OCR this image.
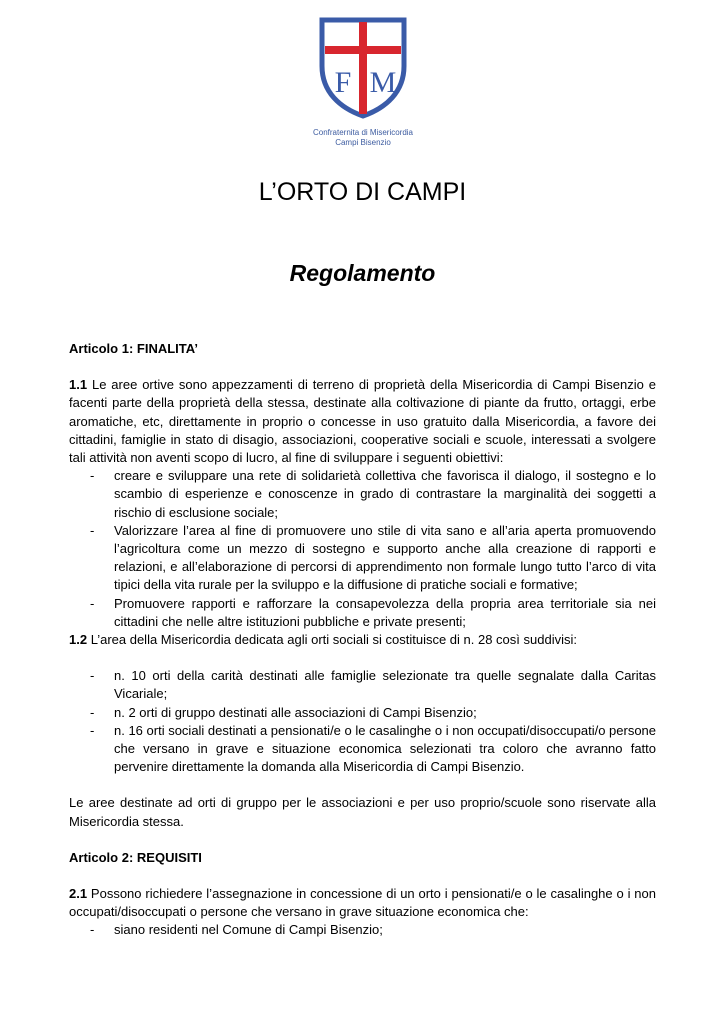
F M
Confraternita di Misericordia
Campi Bisenzio
L’ORTO DI CAMPI
Regolamento
Articolo 1: FINALITA’
1.1 Le aree ortive sono appezzamenti di terreno di proprietà della Misericordia di Campi Bisenzio e facenti parte della proprietà della stessa, destinate alla coltivazione di piante da frutto, ortaggi, erbe aromatiche, etc, direttamente in proprio o concesse in uso gratuito dalla Misericordia, a favore dei cittadini, famiglie in stato di disagio, associazioni, cooperative sociali e scuole, interessati a svolgere tali attività non aventi scopo di lucro, al fine di sviluppare i seguenti obiettivi:
- creare e sviluppare una rete di solidarietà collettiva che favorisca il dialogo, il sostegno e lo scambio di esperienze e conoscenze in grado di contrastare la marginalità dei soggetti a rischio di esclusione sociale;
- Valorizzare l’area al fine di promuovere uno stile di vita sano e all’aria aperta promuovendo l’agricoltura come un mezzo di sostegno e supporto anche alla creazione di rapporti e relazioni, e all’elaborazione di percorsi di apprendimento non formale lungo tutto l’arco di vita tipici della vita rurale per la sviluppo e la diffusione di pratiche sociali e formative;
- Promuovere rapporti e rafforzare la consapevolezza della propria area territoriale sia nei cittadini che nelle altre istituzioni pubbliche e private presenti;
1.2 L’area della Misericordia dedicata agli orti sociali si costituisce di n. 28 così suddivisi:
- n. 10 orti della carità destinati alle famiglie selezionate tra quelle segnalate dalla Caritas Vicariale;
- n. 2 orti di gruppo destinati alle associazioni di Campi Bisenzio;
- n. 16 orti sociali destinati a pensionati/e o le casalinghe o i non occupati/disoccupati/o persone che versano in grave e situazione economica selezionati tra coloro che avranno fatto pervenire direttamente la domanda alla Misericordia di Campi Bisenzio.
Le aree destinate ad orti di gruppo per le associazioni e per uso proprio/scuole sono riservate alla Misericordia stessa.
Articolo 2: REQUISITI
2.1 Possono richiedere l’assegnazione in concessione di un orto i pensionati/e o le casalinghe o i non occupati/disoccupati o persone che versano in grave situazione economica che:
- siano residenti nel Comune di Campi Bisenzio;
